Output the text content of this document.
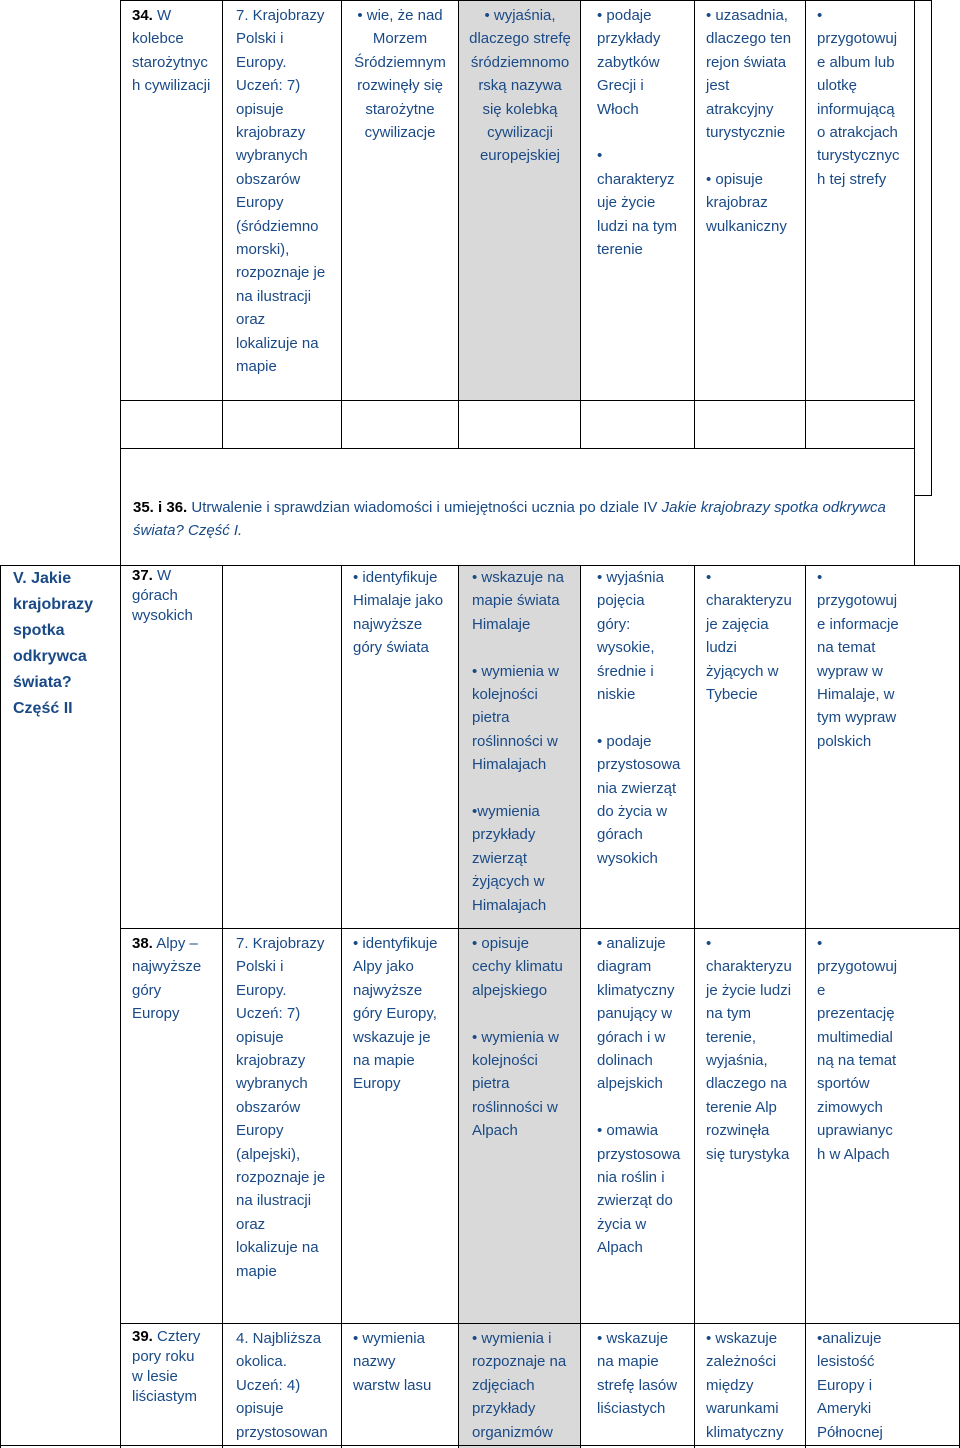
34. W
kolebce
starożytnyc
h cywilizacji
7. Krajobrazy
Polski i
Europy.
Uczeń: 7)
opisuje
krajobrazy
wybranych
obszarów
Europy
(śródziemno
morski),
rozpoznaje je
na ilustracji
oraz
lokalizuje na
mapie
• wie, że nad
Morzem
Śródziemnym
rozwinęły się
starożytne
cywilizacje
• wyjaśnia,
dlaczego strefę
śródziemnomo
rską nazywa
się kolebką
cywilizacji
europejskiej
• podaje
przykłady
zabytków
Grecji i
Włoch

•
charakteryz
uje życie
ludzi na tym
terenie
• uzasadnia,
dlaczego ten
rejon świata
jest
atrakcyjny
turystycznie

• opisuje
krajobraz
wulkaniczny
•
przygotowuj
e album lub
ulotkę
informującą
o atrakcjach
turystycznyc
h tej strefy
35. i 36. Utrwalenie i sprawdzian wiadomości i umiejętności ucznia po dziale IV Jakie krajobrazy spotka odkrywca
świata? Część I.
V. Jakie
krajobrazy
spotka
odkrywca
świata?
Część II
37. W
górach
wysokich
• identyfikuje
Himalaje jako
najwyższe
góry świata
• wskazuje na
mapie świata
Himalaje

• wymienia w
kolejności
pietra
roślinności w
Himalajach

•wymienia
przykłady
zwierząt
żyjących w
Himalajach
• wyjaśnia
pojęcia
góry:
wysokie,
średnie i
niskie

• podaje
przystosowa
nia zwierząt
do życia w
górach
wysokich
•
charakteryzu
je zajęcia
ludzi
żyjących w
Tybecie
•
przygotowuj
e informacje
na temat
wypraw w
Himalaje, w
tym wypraw
polskich
38. Alpy –
najwyższe
góry
Europy
7. Krajobrazy
Polski i
Europy.
Uczeń: 7)
opisuje
krajobrazy
wybranych
obszarów
Europy
(alpejski),
rozpoznaje je
na ilustracji
oraz
lokalizuje na
mapie
• identyfikuje
Alpy jako
najwyższe
góry Europy,
wskazuje je
na mapie
Europy
• opisuje
cechy klimatu
alpejskiego

• wymienia w
kolejności
pietra
roślinności w
Alpach
• analizuje
diagram
klimatyczny
panujący w
górach i w
dolinach
alpejskich

• omawia
przystosowa
nia roślin i
zwierząt do
życia w
Alpach
•
charakteryzu
je życie ludzi
na tym
terenie,
wyjaśnia,
dlaczego na
terenie Alp
rozwinęła
się turystyka
•
przygotowuj
e
prezentację
multimedial
ną na temat
sportów
zimowych
uprawianyc
h w Alpach
39. Cztery
pory roku
w lesie
liściastym
4. Najbliższa
okolica.
Uczeń: 4)
opisuje
przystosowan
• wymienia
nazwy
warstw lasu
• wymienia i
rozpoznaje na
zdjęciach
przykłady
organizmów
• wskazuje
na mapie
strefę lasów
liściastych
• wskazuje
zależności
między
warunkami
klimatyczny
•analizuje
lesistość
Europy i
Ameryki
Północnej
